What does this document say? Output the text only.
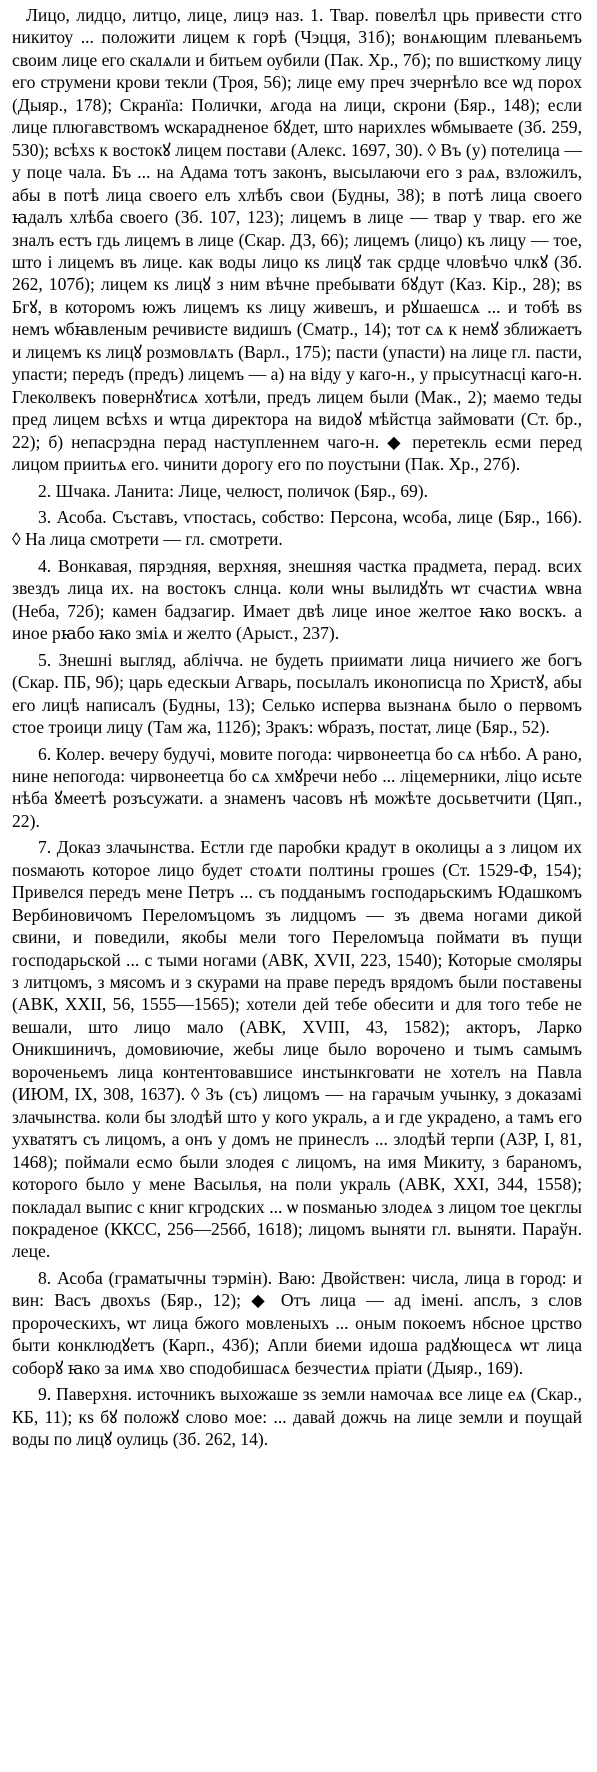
Лицо, лидцо, литцо, лице, лицэ наз. 1. Твар. повелѣл црь привести стго никитоу ... положити лицем к горѣ (Чэцця, 31б); вонѧющим плеваньемъ своим лице его скалѧли и битьем оубили (Пак. Хр., 7б); по вшисткому лицу его струмени крови текли (Троя, 56); лице ему преч зчернѣло все ѡд порох (Дыяр., 178); Скранїа: Полички, ѧгода на лици, скрони (Бяр., 148); если лице плюгавствомъ ѡскарадненое бꙋдет, што нарихлеs ѡбмываете (Зб. 259, 530); всѣхs к востокꙋ лицем постави (Алекс. 1697, 30). ◊ Въ (у) потелица — у поце чала. Бъ ... на Адама тотъ законъ, высылаючи его з раѧ, взложилъ, абы в потѣ лица своего елъ хлѣбъ свои (Будны, 38); в потѣ лица своего ꙗдалъ хлѣба своего (Зб. 107, 123); лицемъ в лице — твар у твар. его же зналъ естъ гдь лицемъ в лице (Скар. ДЗ, 66); лицемъ (лицо) къ лицу — тое, што і лицемъ въ лице. как воды лицо кs лицꙋ так срдце чловѣчо члкꙋ (Зб. 262, 107б); лицем кs лицꙋ з ним вѣчне пребывати бꙋдут (Каз. Кір., 28); вs Бгꙋ, в которомъ южъ лицемъ кs лицу живешъ, и рꙋшаешсѧ ... и тобѣ вs немъ ѡбꙗвленым речивисте видишъ (Сматр., 14); тот сѧ к немꙋ зближаетъ и лицемъ кs лицꙋ розмовлѧть (Варл., 175); пасти (упасти) на лице гл. пасти, упасти; передъ (предъ) лицемъ — а) на віду у каго-н., у прысутнасці каго-н. Глеколвекъ повернꙋтисѧ хотѣли, предъ лицем были (Мак., 2); маемо теды пред лицем всѣхs и ѡтца директора на видоꙋ мѣйстца займовати (Ст. бр., 22); б) непасрэдна перад наступленнем чаго-н. ◆ перетекль есми перед лицом приитьѧ его. чинити дорогу его по поустыни (Пак. Хр., 27б).

2. Шчака. Ланита: Лице, челюст, поличок (Бяр., 69).

3. Асоба. Съставъ, ѵпостась, собство: Персона, ѡсоба, лице (Бяр., 166). ◊ На лица смотрети — гл. смотрети.

4. Вонкавая, пярэдняя, верхняя, знешняя частка прадмета, перад. всих звездъ лица их. на востокъ слнца. коли ѡны вылидꙋть ѡт счастиѧ ѡвна (Неба, 72б); камен бадзагир. Имает двѣ лице иное желтое ꙗко воскъ. а иное рꙗбо ꙗко змiѧ и желто (Арыст., 237).

5. Знешні выгляд, аблічча. не будеть приимати лица ничиего же богъ (Скар. ПБ, 9б); царь едескыи Агварь, посылалъ иконописца по Христꙋ, абы его лицѣ написалъ (Будны, 13); Селько исперва вызнанѧ было о первомъ стое троици лицу (Там жа, 112б); Зракъ: ѡбразъ, постат, лице (Бяр., 52).

6. Колер. вечеру будучi, мовите погода: чирвонеетца бо сѧ нѣбо. А рано, нине непогода: чирвонеетца бо сѧ хмꙋречи небо ... лiцемерники, лiцо исьте нѣба ꙋмеетѣ розъсужати. а знаменъ часовъ нѣ можѣте досьветчити (Цяп., 22).

7. Доказ злачынства. Естли где паробки крадут в околицы а з лицом их поsмають которое лицо будет стоѧти полтины грошеs (Ст. 1529-Ф, 154); Привелся передъ мене Петръ ... съ подданымъ господарьскимъ Юдашкомъ Вербиновичомъ Переломъцомъ зъ лидцомъ — зъ двема ногами дикой свини, и поведили, якобы мели того Переломъца поймати въ пущи господарьской ... с тыми ногами (АВК, XVII, 223, 1540); Которые смоляры з литцомъ, з мясомъ и з скурами на праве передъ врядомъ были поставены (АВК, XXII, 56, 1555—1565); хотели дей тебе обесити и для того тебе не вешали, што лицо мало (АВК, XVIII, 43, 1582); акторъ, Ларко Оникшиничъ, домовиючие, жебы лице было ворочено и тымъ самымъ вороченьемъ лица контентовавшисе инстынкговати не хотелъ на Павла (ИЮМ, IX, 308, 1637). ◊ Зъ (съ) лицомъ — на гарачым учынку, з доказамі злачынства. коли бы злодѣй што у кого украль, а и где украдено, а тамъ его ухватятъ съ лицомъ, а онъ у домъ не принеслъ ... злодѣй терпи (АЗР, I, 81, 1468); поймали есмо были злодея с лицомъ, на имя Микиту, з бараномъ, которого было у мене Васылья, на поли украль (АВК, XXI, 344, 1558); покладал выпис с книг кгродских ... ѡ поsманью злодеѧ з лицом тое цекглы покраденое (ККСС, 256—256б, 1618); лицомъ выняти гл. выняти. Параўн. леце.

8. Асоба (граматычны тэрмін). Ваю: Двойствен: числа, лица в город: и вин: Васъ двохъs (Бяр., 12); ◆ Отъ лица — ад імені. апслъ, з слов пророческихъ, ѡт лица бжого мовленыхъ ... оным покоемъ нбсное црство быти конклюдꙋетъ (Карп., 43б); Апли биеми идоша радꙋющесѧ ѡт лица соборꙋ ꙗко за имѧ хво сподобишасѧ безчестиѧ прiати (Дыяр., 169).

9. Паверхня. источникъ выхожаше зs земли намочаѧ все лице еѧ (Скар., КБ, 11); кs бꙋ положꙋ слово мое: ... давай дожчь на лице земли и поущай воды по лицꙋ оулиць (Зб. 262, 14).
